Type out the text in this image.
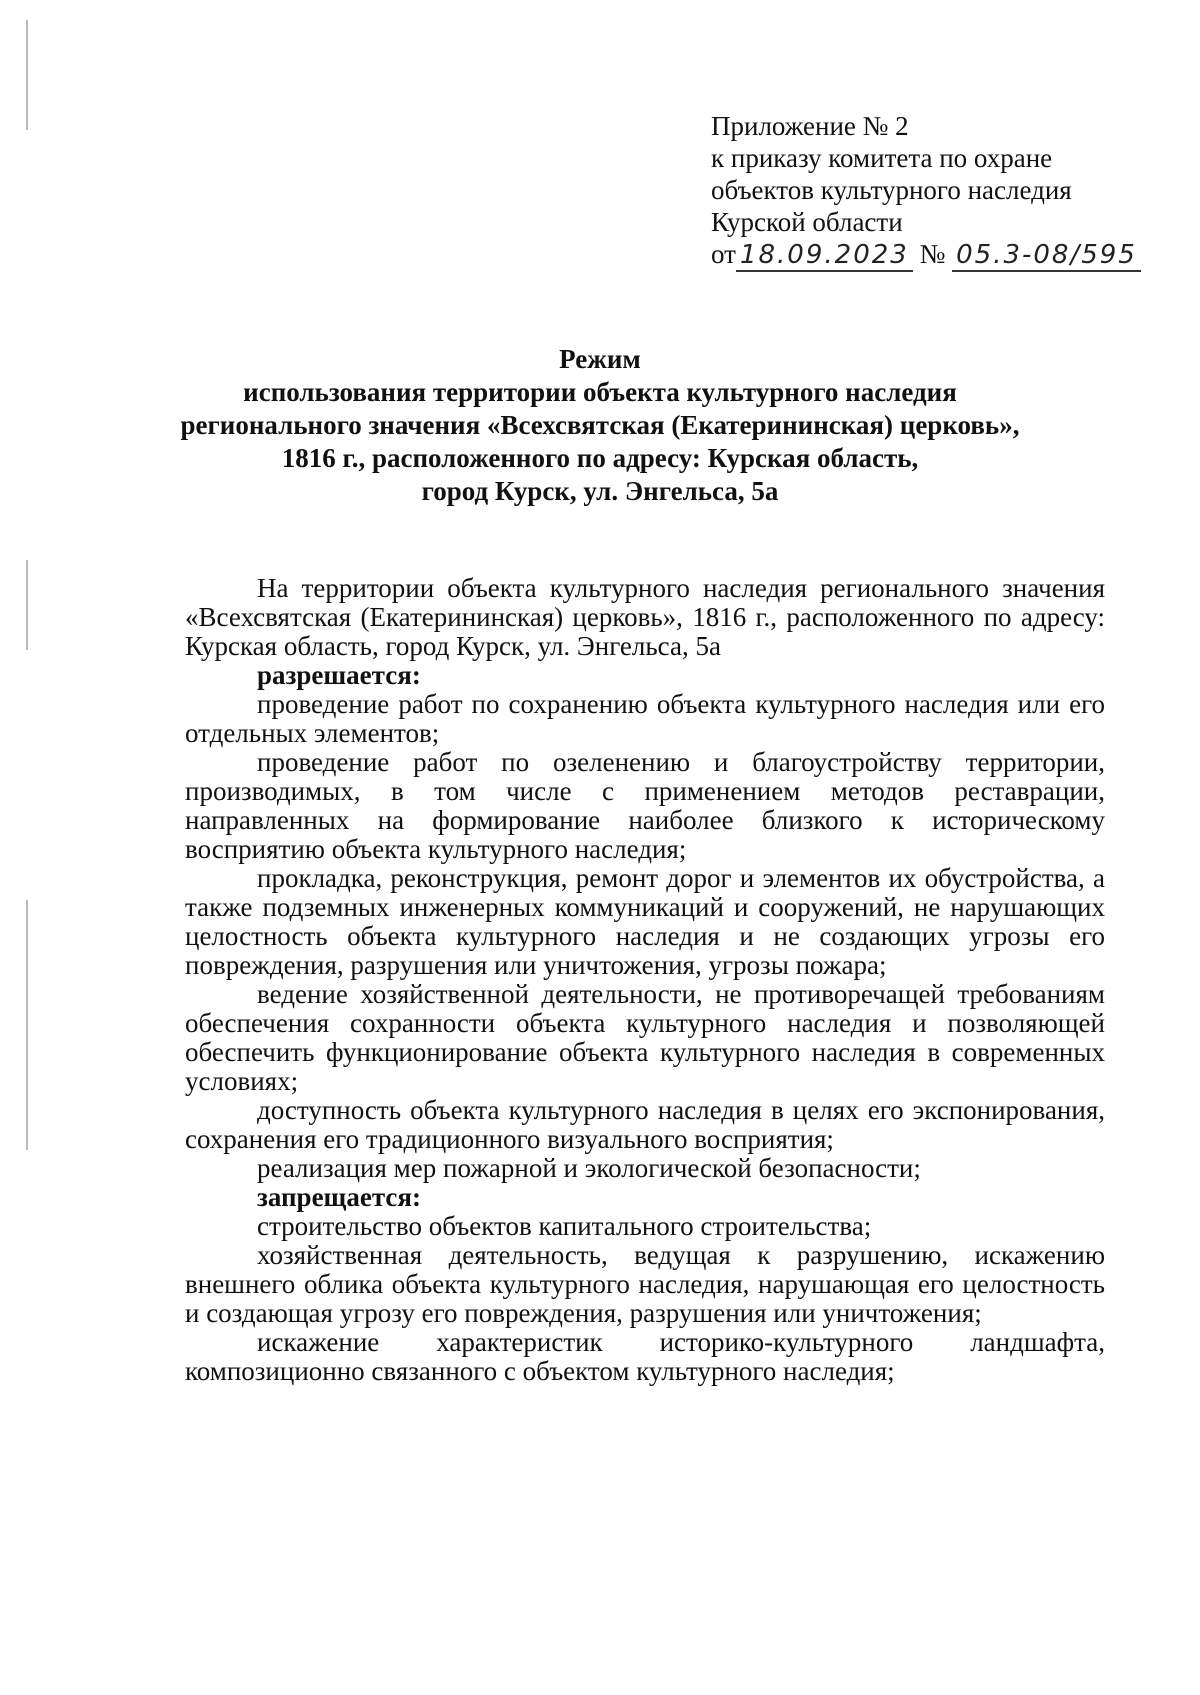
Приложение № 2
к приказу комитета по охране
объектов культурного наследия
Курской области
от 18.09.2023 № 05.3-08/595
Режим
использования территории объекта культурного наследия
регионального значения «Всехсвятская (Екатерининская) церковь»,
1816 г., расположенного по адресу: Курская область,
город Курск, ул. Энгельса, 5а

На территории объекта культурного наследия регионального значения «Всехсвятская (Екатерининская) церковь», 1816 г., расположенного по адресу: Курская область, город Курск, ул. Энгельса, 5а

разрешается:

проведение работ по сохранению объекта культурного наследия или его отдельных элементов;

проведение работ по озеленению и благоустройству территории, производимых, в том числе с применением методов реставрации, направленных на формирование наиболее близкого к историческому восприятию объекта культурного наследия;

прокладка, реконструкция, ремонт дорог и элементов их обустройства, а также подземных инженерных коммуникаций и сооружений, не нарушающих целостность объекта культурного наследия и не создающих угрозы его повреждения, разрушения или уничтожения, угрозы пожара;

ведение хозяйственной деятельности, не противоречащей требованиям обеспечения сохранности объекта культурного наследия и позволяющей обеспечить функционирование объекта культурного наследия в современных условиях;

доступность объекта культурного наследия в целях его экспонирования, сохранения его традиционного визуального восприятия;

реализация мер пожарной и экологической безопасности;

запрещается:

строительство объектов капитального строительства;

хозяйственная деятельность, ведущая к разрушению, искажению внешнего облика объекта культурного наследия, нарушающая его целостность и создающая угрозу его повреждения, разрушения или уничтожения;

искажение характеристик историко-культурного ландшафта, композиционно связанного с объектом культурного наследия;
